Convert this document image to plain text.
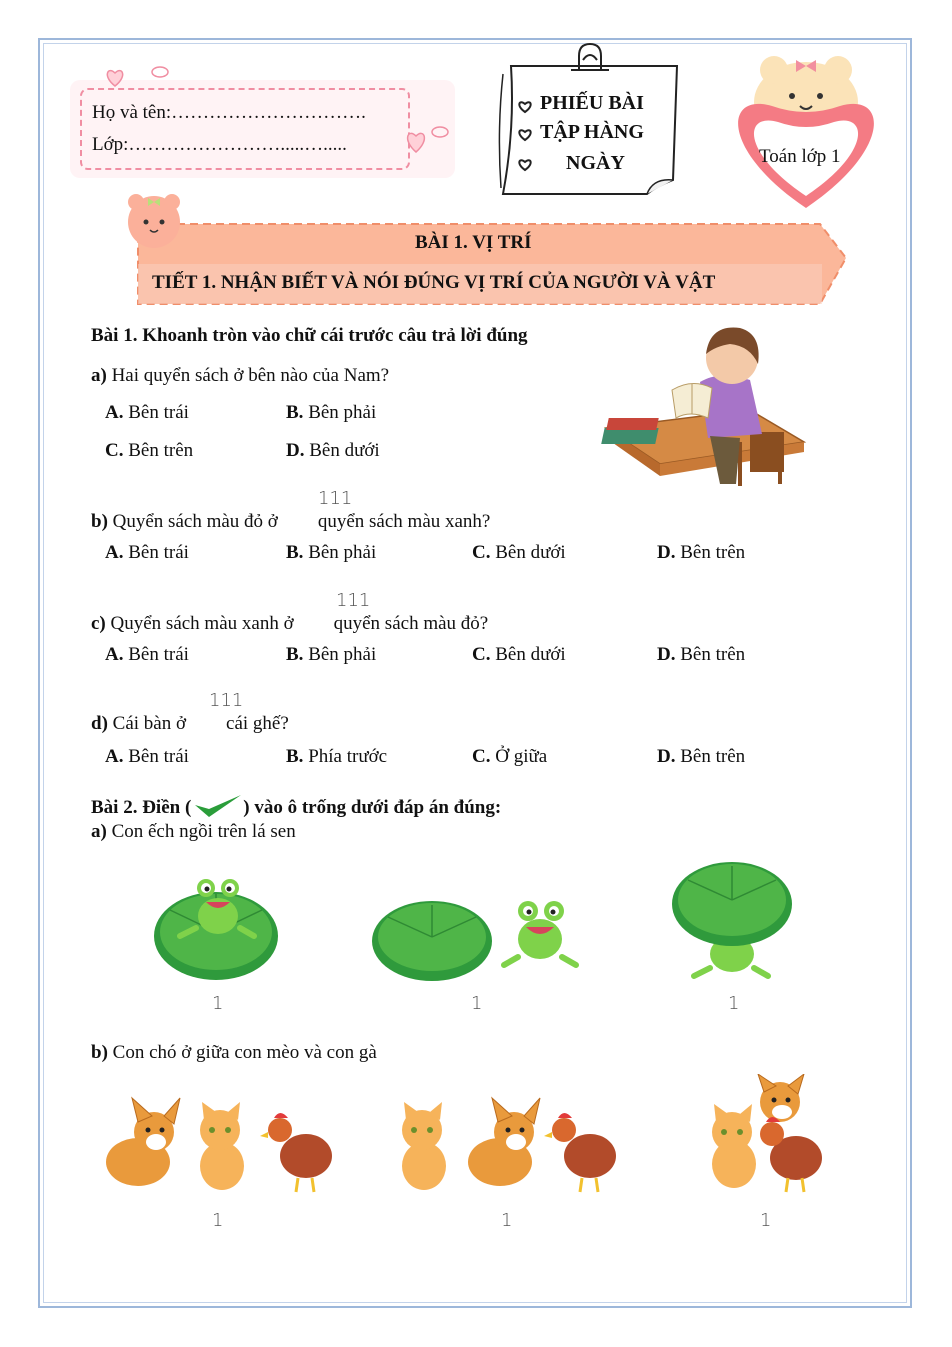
Họ và tên:………………………….
Lớp:…………………….....….....
PHIẾU BÀI
TẬP HÀNG
NGÀY	Toán lớp 1
BÀI 1. VỊ TRÍ
TIẾT 1. NHẬN BIẾT VÀ NÓI ĐÚNG VỊ TRÍ CỦA NGƯỜI VÀ VẬT
Bài 1. Khoanh tròn vào chữ cái trước câu trả lời đúng
a) Hai quyển sách ở bên nào của Nam?
A. Bên trái	B. Bên phải
C. Bên trên	D. Bên dưới
111
b) Quyển sách màu đỏ ở quyển sách màu xanh?
A. Bên trái	B. Bên phải	C. Bên dưới	D. Bên trên
111
c) Quyển sách màu xanh ở quyển sách màu đỏ?
A. Bên trái	B. Bên phải	C. Bên dưới	D. Bên trên
111
d) Cái bàn ở cái ghế?
A. Bên trái	B. Phía trước	C. Ở giữa	D. Bên trên
Bài 2. Điền (	) vào ô trống dưới đáp án đúng:
a) Con ếch ngồi trên lá sen
1	1	1
b) Con chó ở giữa con mèo và con gà
1	1	1
